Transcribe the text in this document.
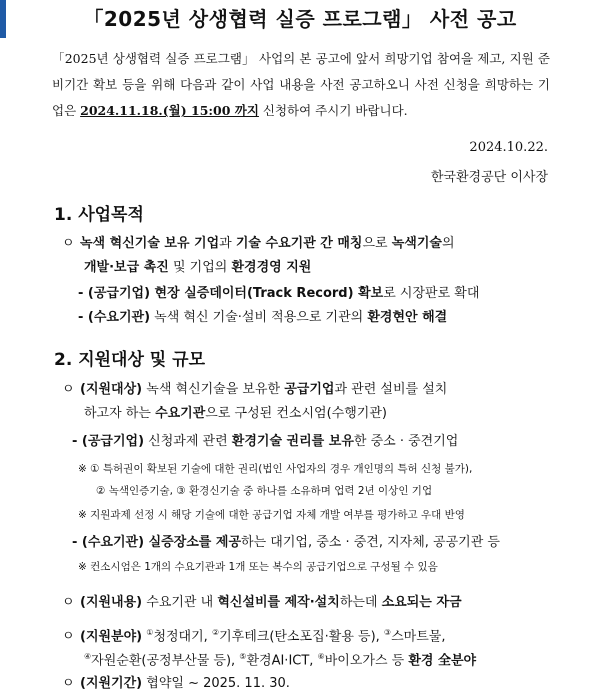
「2025년 상생협력 실증 프로그램」 사전 공고
「2025년 상생협력 실증 프로그램」 사업의 본 공고에 앞서 희망기업 참여을 제고, 지원 준비기간 확보 등을 위해 다음과 같이 사업 내용을 사전 공고하오니 사전 신청을 희망하는 기업은 2024.11.18.(월) 15:00 까지 신청하여 주시기 바랍니다.
2024.10.22.
한국환경공단 이사장
1. 사업목적
ㅇ 녹색 혁신기술 보유 기업과 기술 수요기관 간 매칭으로 녹색기술의
개발·보급 촉진 및 기업의 환경경영 지원
- (공급기업) 현장 실증데이터(Track Record) 확보로 시장판로 확대
- (수요기관) 녹색 혁신 기술·설비 적용으로 기관의 환경현안 해결
2. 지원대상 및 규모
ㅇ (지원대상) 녹색 혁신기술을 보유한 공급기업과 관련 설비를 설치
하고자 하는 수요기관으로 구성된 컨소시엄(수행기관)
- (공급기업) 신청과제 관련 환경기술 권리를 보유한 중소 · 중견기업
※ ① 특허권이 확보된 기술에 대한 권리(법인 사업자의 경우 개인명의 특허 신청 불가),
② 녹색인증기술, ③ 환경신기술 중 하나를 소유하며 업력 2년 이상인 기업
※ 지원과제 선정 시 해당 기술에 대한 공급기업 자체 개발 여부를 평가하고 우대 반영
- (수요기관) 실증장소를 제공하는 대기업, 중소 · 중견, 지자체, 공공기관 등
※ 컨소시엄은 1개의 수요기관과 1개 또는 복수의 공급기업으로 구성될 수 있음
ㅇ (지원내용) 수요기관 내 혁신설비를 제작·설치하는데 소요되는 자금
ㅇ (지원분야) ①청정대기, ②기후테크(탄소포집·활용 등), ③스마트물,
④자원순환(공정부산물 등), ⑤환경AI·ICT, ⑥바이오가스 등 환경 全분야
ㅇ (지원기간) 협약일 ~ 2025. 11. 30.
